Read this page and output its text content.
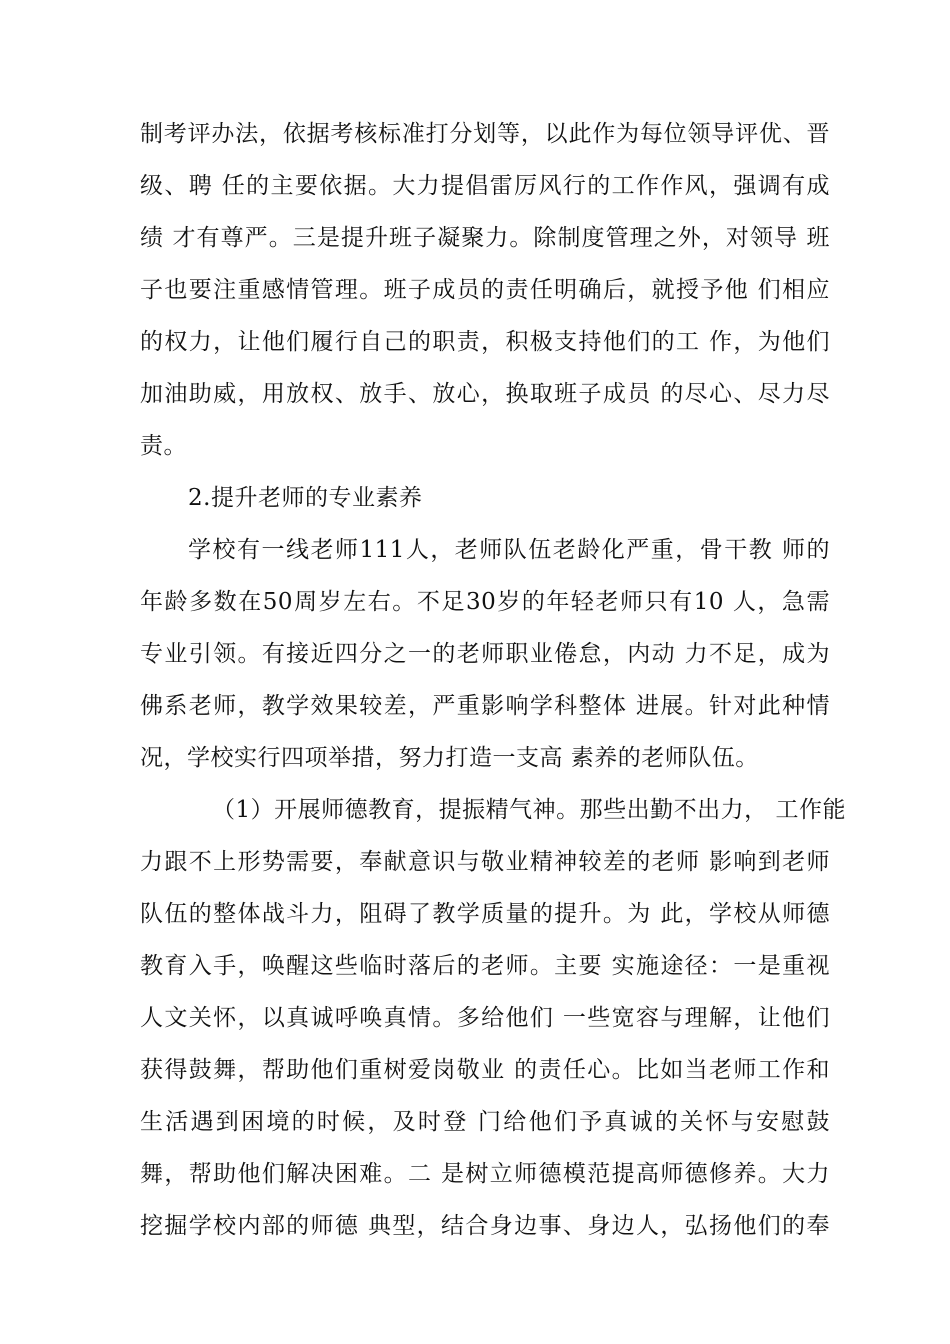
制考评办法，依据考核标准打分划等，以此作为每位领导评优、晋
级、聘 任的主要依据。大力提倡雷厉风行的工作作风，强调有成
绩 才有尊严。三是提升班子凝聚力。除制度管理之外，对领导 班
子也要注重感情管理。班子成员的责任明确后，就授予他 们相应
的权力，让他们履行自己的职责，积极支持他们的工 作，为他们
加油助威，用放权、放手、放心，换取班子成员 的尽心、尽力尽
责。
2.提升老师的专业素养
学校有一线老师111人，老师队伍老龄化严重，骨干教 师的
年龄多数在50周岁左右。不足30岁的年轻老师只有10 人，急需
专业引领。有接近四分之一的老师职业倦怠，内动 力不足，成为
佛系老师，教学效果较差，严重影响学科整体 进展。针对此种情
况，学校实行四项举措，努力打造一支高 素养的老师队伍。
（1）开展师德教育，提振精气神。那些出勤不出力， 工作能
力跟不上形势需要，奉献意识与敬业精神较差的老师 影响到老师
队伍的整体战斗力，阻碍了教学质量的提升。为 此，学校从师德
教育入手，唤醒这些临时落后的老师。主要 实施途径：一是重视
人文关怀，以真诚呼唤真情。多给他们 一些宽容与理解，让他们
获得鼓舞，帮助他们重树爱岗敬业 的责任心。比如当老师工作和
生活遇到困境的时候，及时登 门给他们予真诚的关怀与安慰鼓
舞，帮助他们解决困难。二 是树立师德模范提高师德修养。大力
挖掘学校内部的师德 典型，结合身边事、身边人，弘扬他们的奉
